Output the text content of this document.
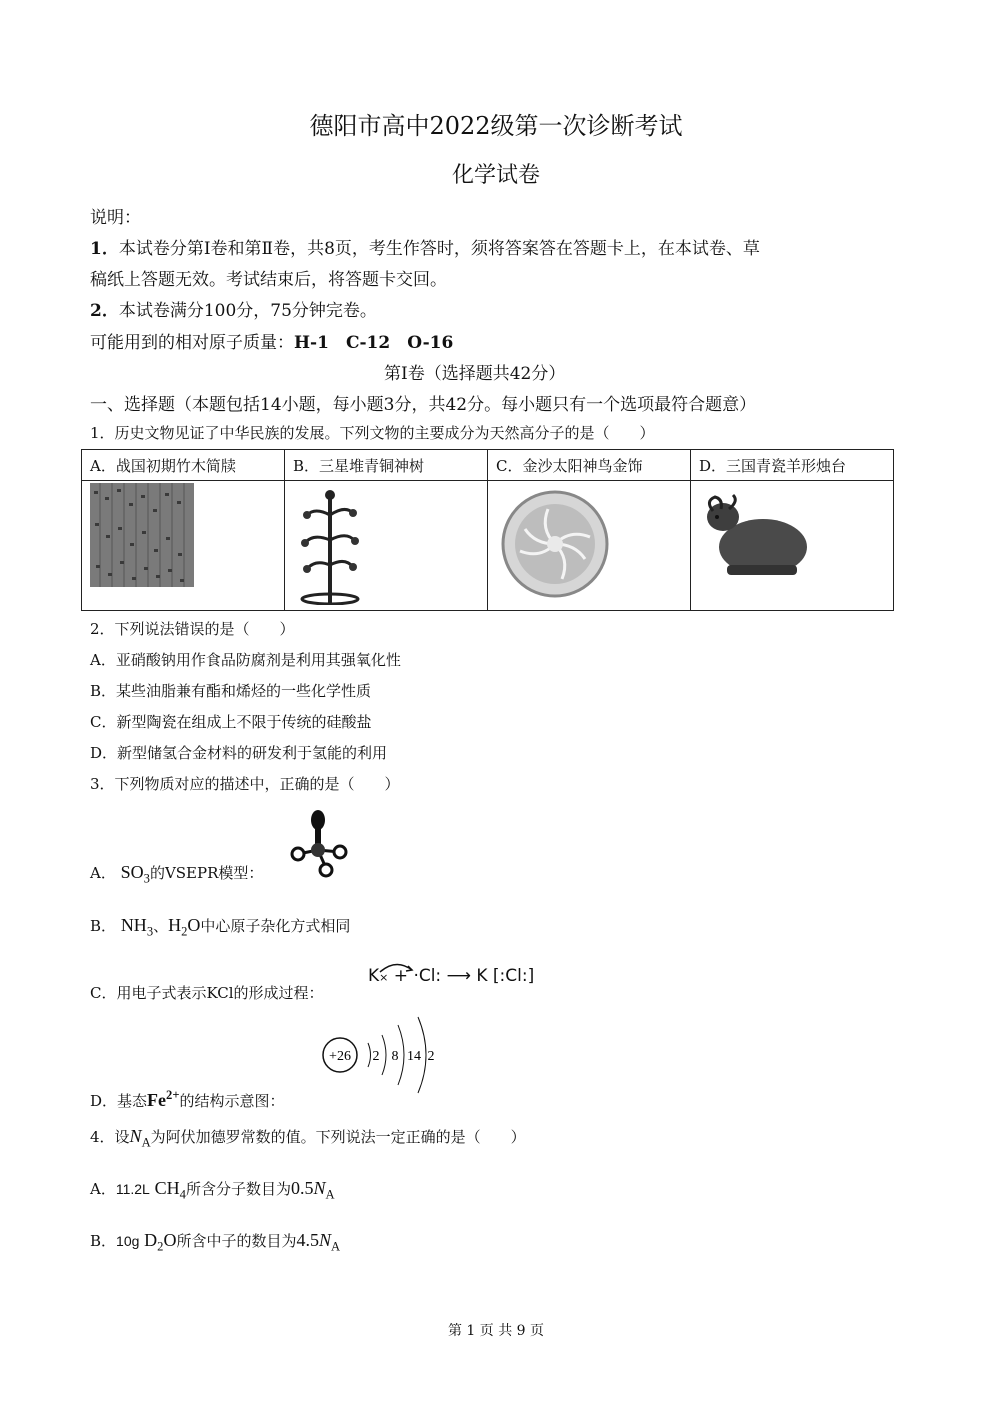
德阳市高中2022级第一次诊断考试
化学试卷
说明：
1．本试卷分第Ⅰ卷和第Ⅱ卷，共8页，考生作答时，须将答案答在答题卡上，在本试卷、草
稿纸上答题无效。考试结束后，将答题卡交回。
2．本试卷满分100分，75分钟完卷。
可能用到的相对原子质量：H-1　C-12　O-16
第Ⅰ卷（选择题共42分）
一、选择题（本题包括14小题，每小题3分，共42分。每小题只有一个选项最符合题意）
1．历史文物见证了中华民族的发展。下列文物的主要成分为天然高分子的是（　　）
A．战国初期竹木简牍	B．三星堆青铜神树	C．金沙太阳神鸟金饰	D．三国青瓷羊形烛台

2．下列说法错误的是（　　）
A．亚硝酸钠用作食品防腐剂是利用其强氧化性
B．某些油脂兼有酯和烯烃的一些化学性质
C．新型陶瓷在组成上不限于传统的硅酸盐
D．新型储氢合金材料的研发利于氢能的利用
3．下列物质对应的描述中，正确的是（　　）
A． $SO_3$的VSEPR模型：
B． $NH_3$、$H_2O$中心原子杂化方式相同
C．用电子式表示KCl的形成过程：
K× + ·Cl: ⟶ K [:Cl:]
+26 2 8 14 2
D．基态$Fe^{2+}$的结构示意图：
4．设$N_A$为阿伏加德罗常数的值。下列说法一定正确的是（　　）
A．11.2L $CH_4$所含分子数目为$0.5N_A$
B．10g $D_2O$所含中子的数目为$4.5N_A$
第 1 页 共 9 页
